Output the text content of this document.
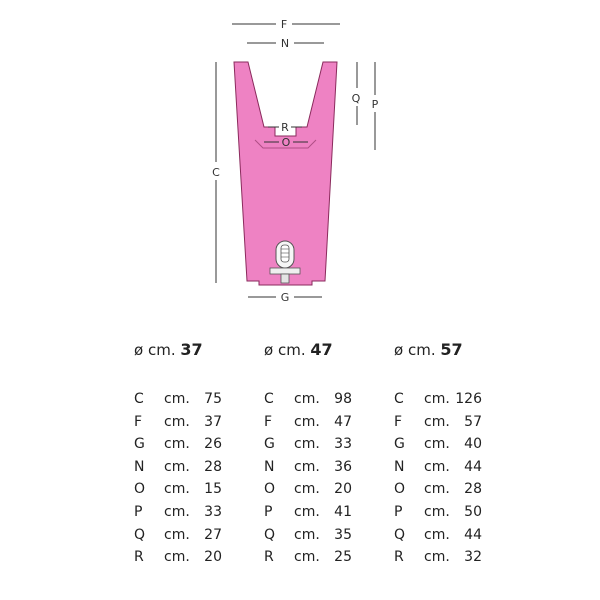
F
N
Q P
C
R
O
G
ø cm. 37
C	cm.	75
F	cm.	37
G	cm.	26
N	cm.	28
O	cm.	15
P	cm.	33
Q	cm.	27
R	cm.	20
ø cm. 47
C	cm.	98
F	cm.	47
G	cm.	33
N	cm.	36
O	cm.	20
P	cm.	41
Q	cm.	35
R	cm.	25
ø cm. 57
C	cm. 126
F	cm.	57
G	cm.	40
N	cm.	44
O	cm.	28
P	cm.	50
Q	cm.	44
R	cm.	32
